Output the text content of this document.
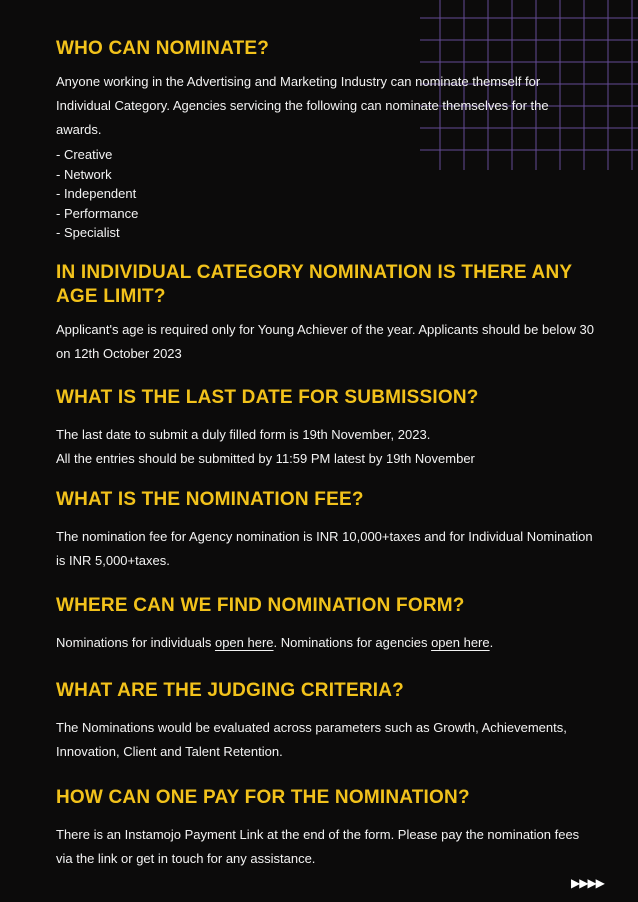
WHO CAN NOMINATE?

Anyone working in the Advertising and Marketing Industry can nominate themself for Individual Category. Agencies servicing the following can nominate themselves for the awards.

- Creative
- Network
- Independent
- Performance
- Specialist
IN INDIVIDUAL CATEGORY NOMINATION IS THERE ANY AGE LIMIT?

Applicant's age is required only for Young Achiever of the year. Applicants should be below 30 on 12th October 2023

WHAT IS THE LAST DATE FOR SUBMISSION?

The last date to submit a duly filled form is 19th November, 2023.

All the entries should be submitted by 11:59 PM latest by 19th November

WHAT IS THE NOMINATION FEE?

The nomination fee for Agency nomination is INR 10,000+taxes and for Individual Nomination is INR 5,000+taxes.

WHERE CAN WE FIND NOMINATION FORM?

Nominations for individuals open here. Nominations for agencies open here.

WHAT ARE THE JUDGING CRITERIA?

The Nominations would be evaluated across parameters such as Growth, Achievements, Innovation, Client and Talent Retention.

HOW CAN ONE PAY FOR THE NOMINATION?

There is an Instamojo Payment Link at the end of the form. Please pay the nomination fees via the link or get in touch for any assistance.

▶▶▶▶
